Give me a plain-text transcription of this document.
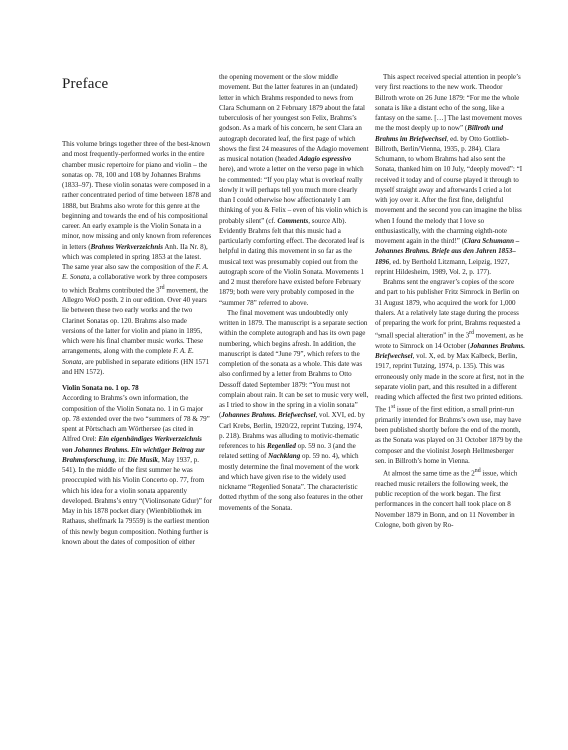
Preface

This volume brings together three of the best-known and most frequently-performed works in the entire chamber music repertoire for piano and violin – the sonatas op. 78, 100 and 108 by Johannes Brahms (1833–97). These violin sonatas were composed in a rather concentrated period of time between 1878 and 1888, but Brahms also wrote for this genre at the beginning and towards the end of his compositional career. An early example is the Violin Sonata in a minor, now missing and only known from references in letters (Brahms Werkverzeichnis Anh. IIa Nr. 8), which was completed in spring 1853 at the latest. The same year also saw the composition of the F. A. E. Sonata, a collaborative work by three composers to which Brahms contributed the 3rd movement, the Allegro WoO posth. 2 in our edition. Over 40 years lie between these two early works and the two Clarinet Sonatas op. 120. Brahms also made versions of the latter for violin and piano in 1895, which were his final chamber music works. These arrangements, along with the complete F. A. E. Sonata, are published in separate editions (HN 1571 and HN 1572).

Violin Sonata no. 1 op. 78

According to Brahms’s own information, the composition of the Violin Sonata no. 1 in G major op. 78 extended over the two “summers of 78 & 79” spent at Pörtschach am Wörthersee (as cited in Alfred Orel: Ein eigenhändiges Werkverzeichnis von Johannes Brahms. Ein wichtiger Beitrag zur Brahmsforschung, in: Die Musik, May 1937, p. 541). In the middle of the first summer he was preoccupied with his Violin Concerto op. 77, from which his idea for a violin sonata apparently developed. Brahms’s entry “(Violinsonate Gdur)” for May in his 1878 pocket diary (Wienbibliothek im Rathaus, shelfmark Ia 79559) is the earliest mention of this newly begun composition. Nothing further is known about the dates of composition of either

the opening movement or the slow middle movement. But the latter features in an (undated) letter in which Brahms responded to news from Clara Schumann on 2 February 1879 about the fatal tuberculosis of her youngest son Felix, Brahms’s godson. As a mark of his concern, he sent Clara an autograph decorated leaf, the first page of which shows the first 24 measures of the Adagio movement as musical notation (headed Adagio espressivo here), and wrote a letter on the verso page in which he commented: “If you play what is overleaf really slowly it will perhaps tell you much more clearly than I could otherwise how affectionately I am thinking of you & Felix – even of his violin which is probably silent” (cf. Comments, source Alb). Evidently Brahms felt that this music had a particularly comforting effect. The decorated leaf is helpful in dating this movement in so far as the musical text was presumably copied out from the autograph score of the Violin Sonata. Movements 1 and 2 must therefore have existed before February 1879; both were very probably composed in the “summer 78” referred to above.

The final movement was undoubtedly only written in 1879. The manuscript is a separate section within the complete autograph and has its own page numbering, which begins afresh. In addition, the manuscript is dated “June 79”, which refers to the completion of the sonata as a whole. This date was also confirmed by a letter from Brahms to Otto Dessoff dated September 1879: “You must not complain about rain. It can be set to music very well, as I tried to show in the spring in a violin sonata” (Johannes Brahms. Briefwechsel, vol. XVI, ed. by Carl Krebs, Berlin, 1920/22, reprint Tutzing, 1974, p. 218). Brahms was alluding to motivic-thematic references to his Regenlied op. 59 no. 3 (and the related setting of Nachklang op. 59 no. 4), which mostly determine the final movement of the work and which have given rise to the widely used nickname “Regenlied Sonata”. The characteristic dotted rhythm of the song also features in the other movements of the Sonata.

This aspect received special attention in people’s very first reactions to the new work. Theodor Billroth wrote on 26 June 1879: “For me the whole sonata is like a distant echo of the song, like a fantasy on the same. […] The last movement moves me the most deeply up to now” (Billroth und Brahms im Briefwechsel, ed. by Otto Gottlieb-Billroth, Berlin/Vienna, 1935, p. 284). Clara Schumann, to whom Brahms had also sent the Sonata, thanked him on 10 July, “deeply moved”: “I received it today and of course played it through to myself straight away and afterwards I cried a lot with joy over it. After the first fine, delightful movement and the second you can imagine the bliss when I found the melody that I love so enthusiastically, with the charming eighth-note movement again in the third!” (Clara Schumann – Johannes Brahms. Briefe aus den Jahren 1853–1896, ed. by Berthold Litzmann, Leipzig, 1927, reprint Hildesheim, 1989, Vol. 2, p. 177).

Brahms sent the engraver’s copies of the score and part to his publisher Fritz Simrock in Berlin on 31 August 1879, who acquired the work for 1,000 thalers. At a relatively late stage during the process of preparing the work for print, Brahms requested a “small special alteration” in the 3rd movement, as he wrote to Simrock on 14 October (Johannes Brahms. Briefwechsel, vol. X, ed. by Max Kalbeck, Berlin, 1917, reprint Tutzing, 1974, p. 135). This was erroneously only made in the score at first, not in the separate violin part, and this resulted in a different reading which affected the first two printed editions. The 1st issue of the first edition, a small print-run primarily intended for Brahms’s own use, may have been published shortly before the end of the month, as the Sonata was played on 31 October 1879 by the composer and the violinist Joseph Hellmesberger sen. in Billroth’s home in Vienna.

At almost the same time as the 2nd issue, which reached music retailers the following week, the public reception of the work began. The first performances in the concert hall took place on 8 November 1879 in Bonn, and on 11 November in Cologne, both given by Ro-
